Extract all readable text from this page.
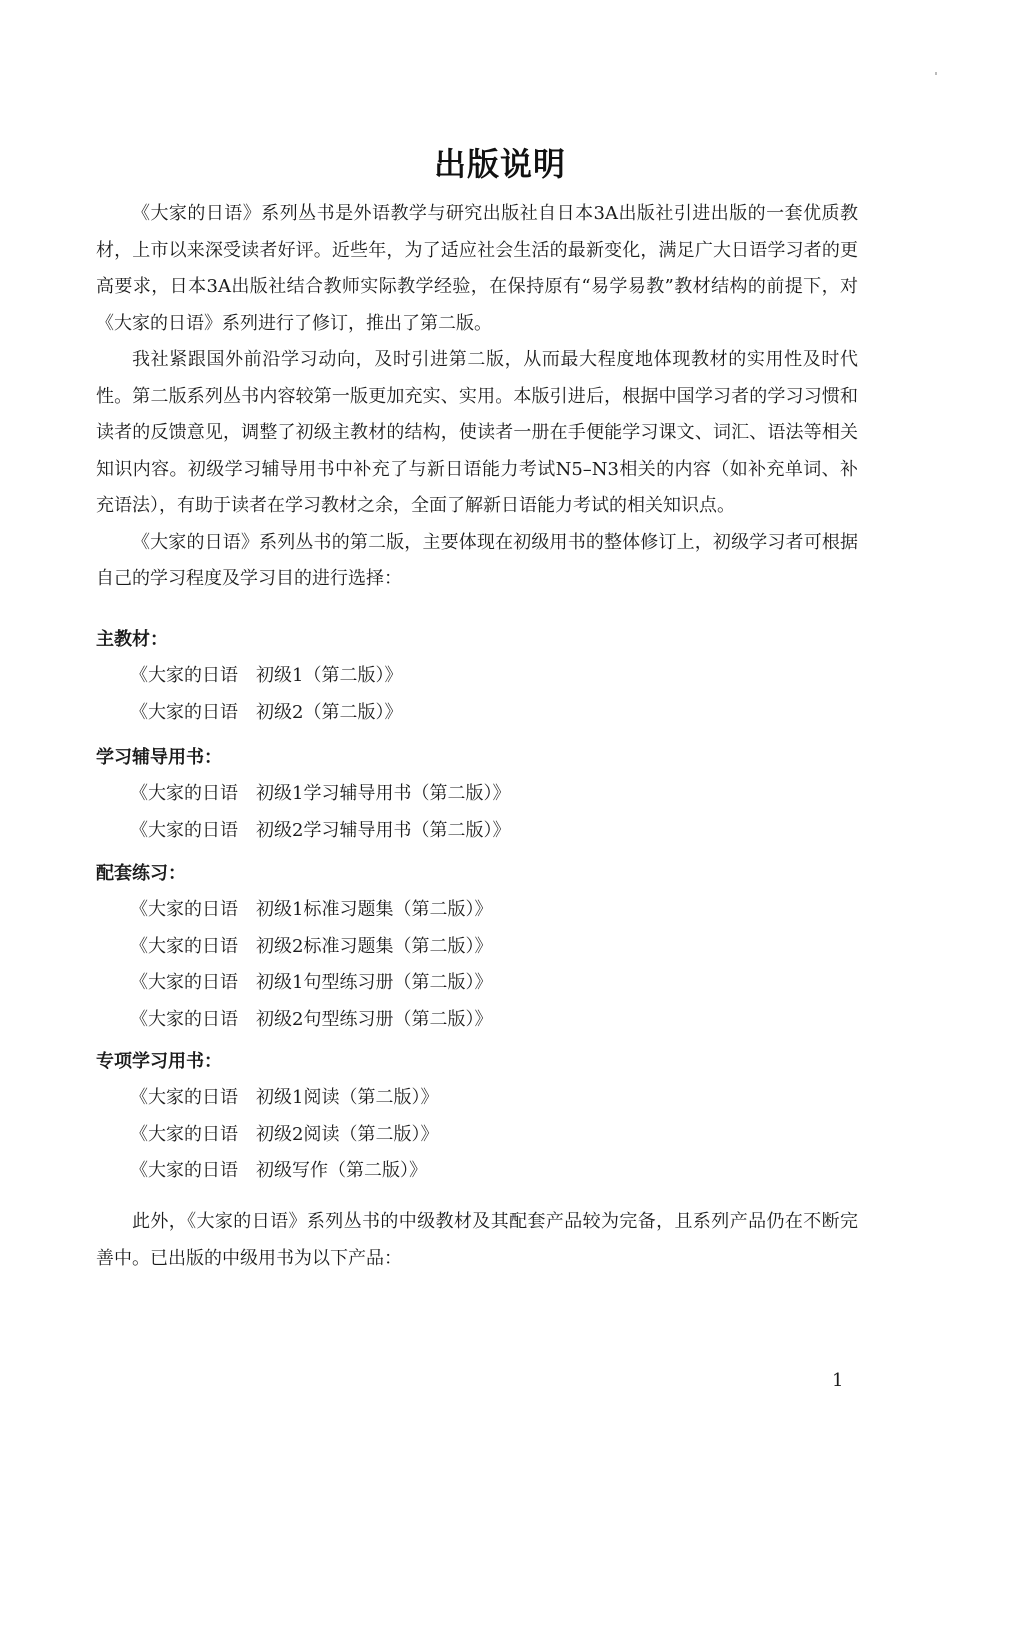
出版说明

《大家的日语》系列丛书是外语教学与研究出版社自日本3A出版社引进出版的一套优质教材，上市以来深受读者好评。近些年，为了适应社会生活的最新变化，满足广大日语学习者的更高要求，日本3A出版社结合教师实际教学经验，在保持原有“易学易教”教材结构的前提下，对《大家的日语》系列进行了修订，推出了第二版。

我社紧跟国外前沿学习动向，及时引进第二版，从而最大程度地体现教材的实用性及时代性。第二版系列丛书内容较第一版更加充实、实用。本版引进后，根据中国学习者的学习习惯和读者的反馈意见，调整了初级主教材的结构，使读者一册在手便能学习课文、词汇、语法等相关知识内容。初级学习辅导用书中补充了与新日语能力考试N5–N3相关的内容（如补充单词、补充语法），有助于读者在学习教材之余，全面了解新日语能力考试的相关知识点。

《大家的日语》系列丛书的第二版，主要体现在初级用书的整体修订上，初级学习者可根据自己的学习程度及学习目的进行选择：

主教材：
《大家的日语　初级1（第二版）》
《大家的日语　初级2（第二版）》
学习辅导用书：
《大家的日语　初级1学习辅导用书（第二版）》
《大家的日语　初级2学习辅导用书（第二版）》
配套练习：
《大家的日语　初级1标准习题集（第二版）》
《大家的日语　初级2标准习题集（第二版）》
《大家的日语　初级1句型练习册（第二版）》
《大家的日语　初级2句型练习册（第二版）》
专项学习用书：
《大家的日语　初级1阅读（第二版）》
《大家的日语　初级2阅读（第二版）》
《大家的日语　初级写作（第二版）》

此外，《大家的日语》系列丛书的中级教材及其配套产品较为完备，且系列产品仍在不断完善中。已出版的中级用书为以下产品：

1
